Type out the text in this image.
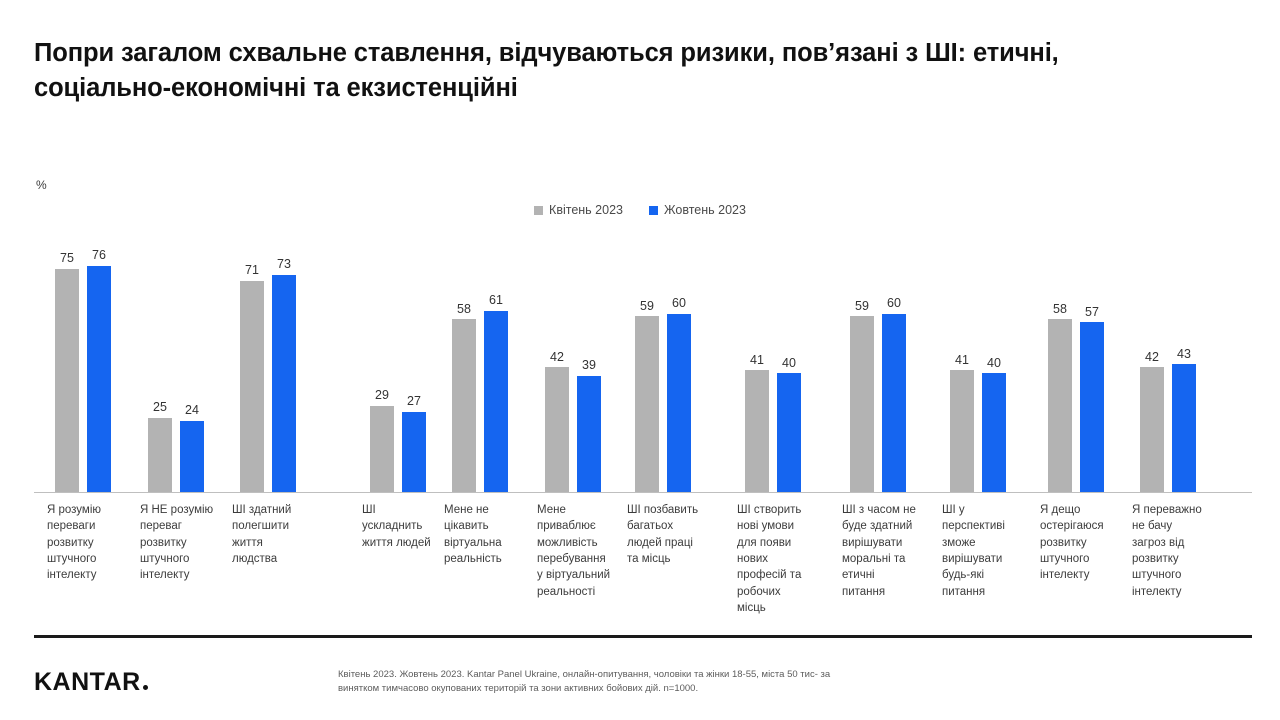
Попри загалом схвальне ставлення, відчуваються ризики, пов’язані з ШІ: етичні, соціально-економічні та екзистенційні
%
Квітень 2023	Жовтень 2023
75 76
25 24
71 73
29 27
58
61
42
39
59 60
41 40
59 60
41 40
58 57
42 43
Я розумію переваги розвитку штучного інтелекту
Я НЕ розумію переваг розвитку штучного інтелекту
ШІ здатний полегшити життя людства
ШІ ускладнить життя людей
Мене не цікавить віртуальна реальність
Мене приваблює можливість перебування у віртуальний реальності
ШІ позбавить багатьох людей праці та місць
ШІ створить нові умови для появи нових професій та робочих місць
ШІ з часом не буде здатний вирішувати моральні та етичні питання
ШІ у перспективі зможе вирішувати будь-які питання
Я дещо остерігаюся розвитку штучного інтелекту
Я переважно не бачу загроз від розвитку штучного інтелекту
KANTAR	Квітень 2023. Жовтень 2023. Kantar Panel Ukraine, онлайн-опитування, чоловіки та жінки 18-55, міста 50 тис- за винятком тимчасово окупованих територій та зони активних бойових дій. n=1000.
